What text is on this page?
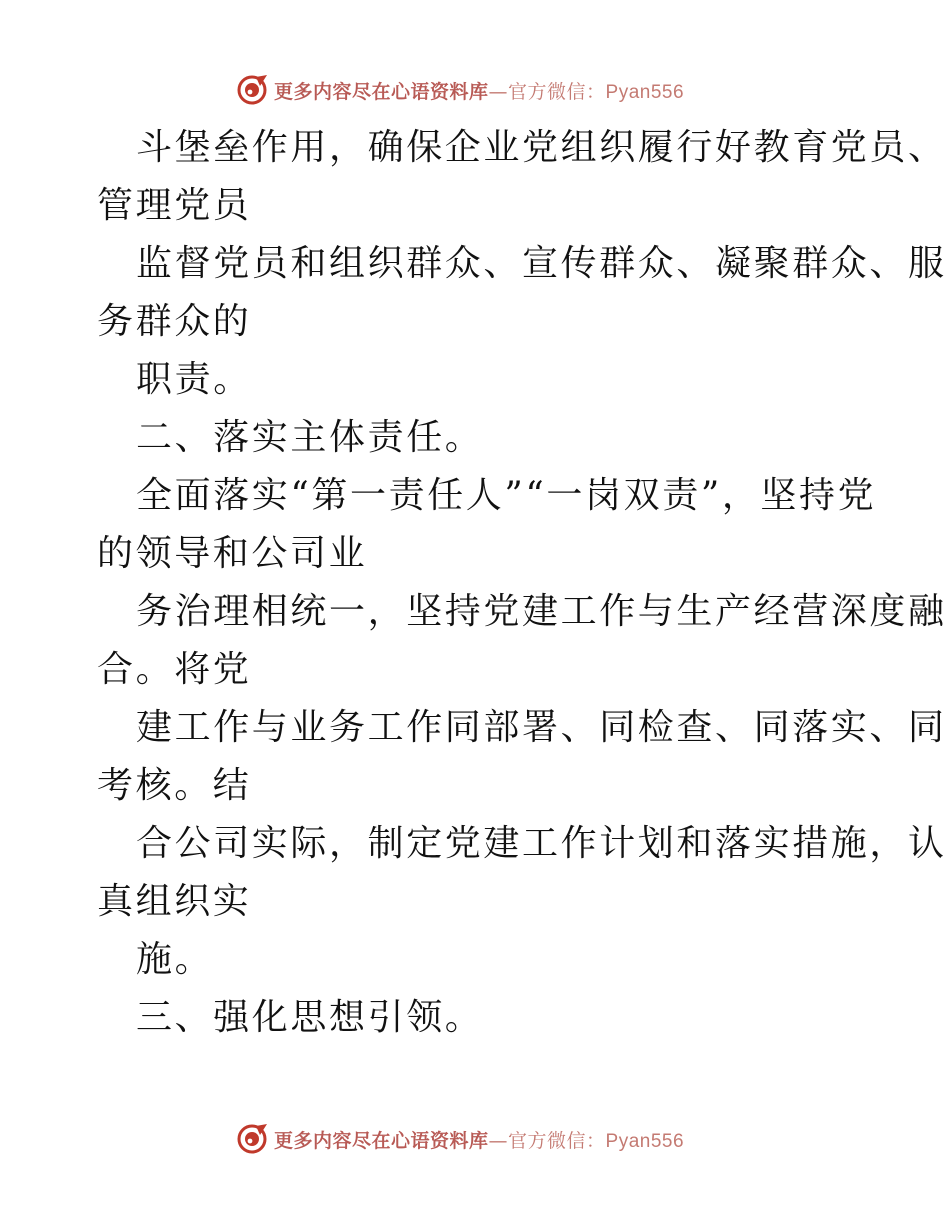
更多内容尽在心语资料库—官方微信：Pyan556
斗堡垒作用，确保企业党组织履行好教育党员、
管理党员
监督党员和组织群众、宣传群众、凝聚群众、服
务群众的
职责。
二、落实主体责任。
全面落实“第一责任人”“一岗双责”，坚持党
的领导和公司业
务治理相统一，坚持党建工作与生产经营深度融
合。将党
建工作与业务工作同部署、同检查、同落实、同
考核。结
合公司实际，制定党建工作计划和落实措施，认
真组织实
施。
三、强化思想引领。
更多内容尽在心语资料库—官方微信：Pyan556
